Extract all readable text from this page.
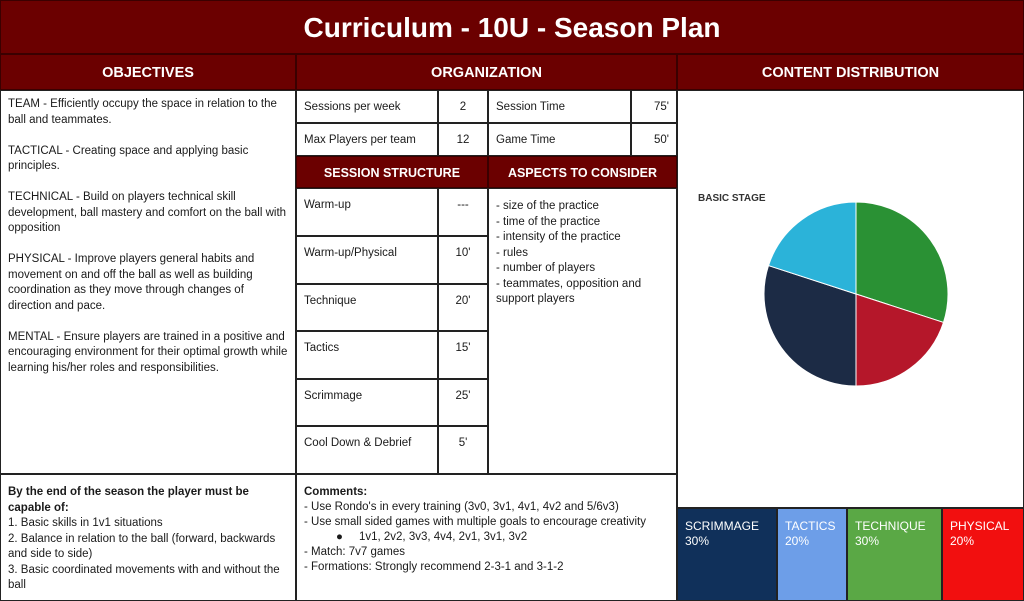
Curriculum - 10U - Season Plan
OBJECTIVES	ORGANIZATION	CONTENT DISTRIBUTION

TEAM - Efficiently occupy the space in relation to the ball and teammates.

TACTICAL - Creating space and applying basic principles.

TECHNICAL - Build on players technical skill development, ball mastery and comfort on the ball with opposition

PHYSICAL - Improve players general habits and movement on and off the ball as well as building coordination as they move through changes of direction and pace.

MENTAL - Ensure players are trained in a positive and encouraging environment for their optimal growth while learning his/her roles and responsibilities.

Sessions per week	2	Session Time	75'
Max Players per team	12	Game Time	50'
SESSION STRUCTURE	ASPECTS TO CONSIDER
Warm-up	---
Warm-up/Physical	10'
Technique	20'
Tactics	15'
Scrimmage	25'
Cool Down & Debrief	5'
- size of the practice
- time of the practice
- intensity of the practice
- rules
- number of players
- teammates, opposition and support players
BASIC STAGE
By the end of the season the player must be capable of:
1. Basic skills in 1v1 situations
2. Balance in relation to the ball (forward, backwards and side to side)
3. Basic coordinated movements with and without the ball
Comments:
- Use Rondo's in every training (3v0, 3v1, 4v1, 4v2 and 5/6v3)
- Use small sided games with multiple goals to encourage creativity
● 1v1, 2v2, 3v3, 4v4, 2v1, 3v1, 3v2
- Match: 7v7 games
- Formations: Strongly recommend 2-3-1 and 3-1-2
SCRIMMAGE
30%
TACTICS
20%
TECHNIQUE
30%
PHYSICAL
20%
